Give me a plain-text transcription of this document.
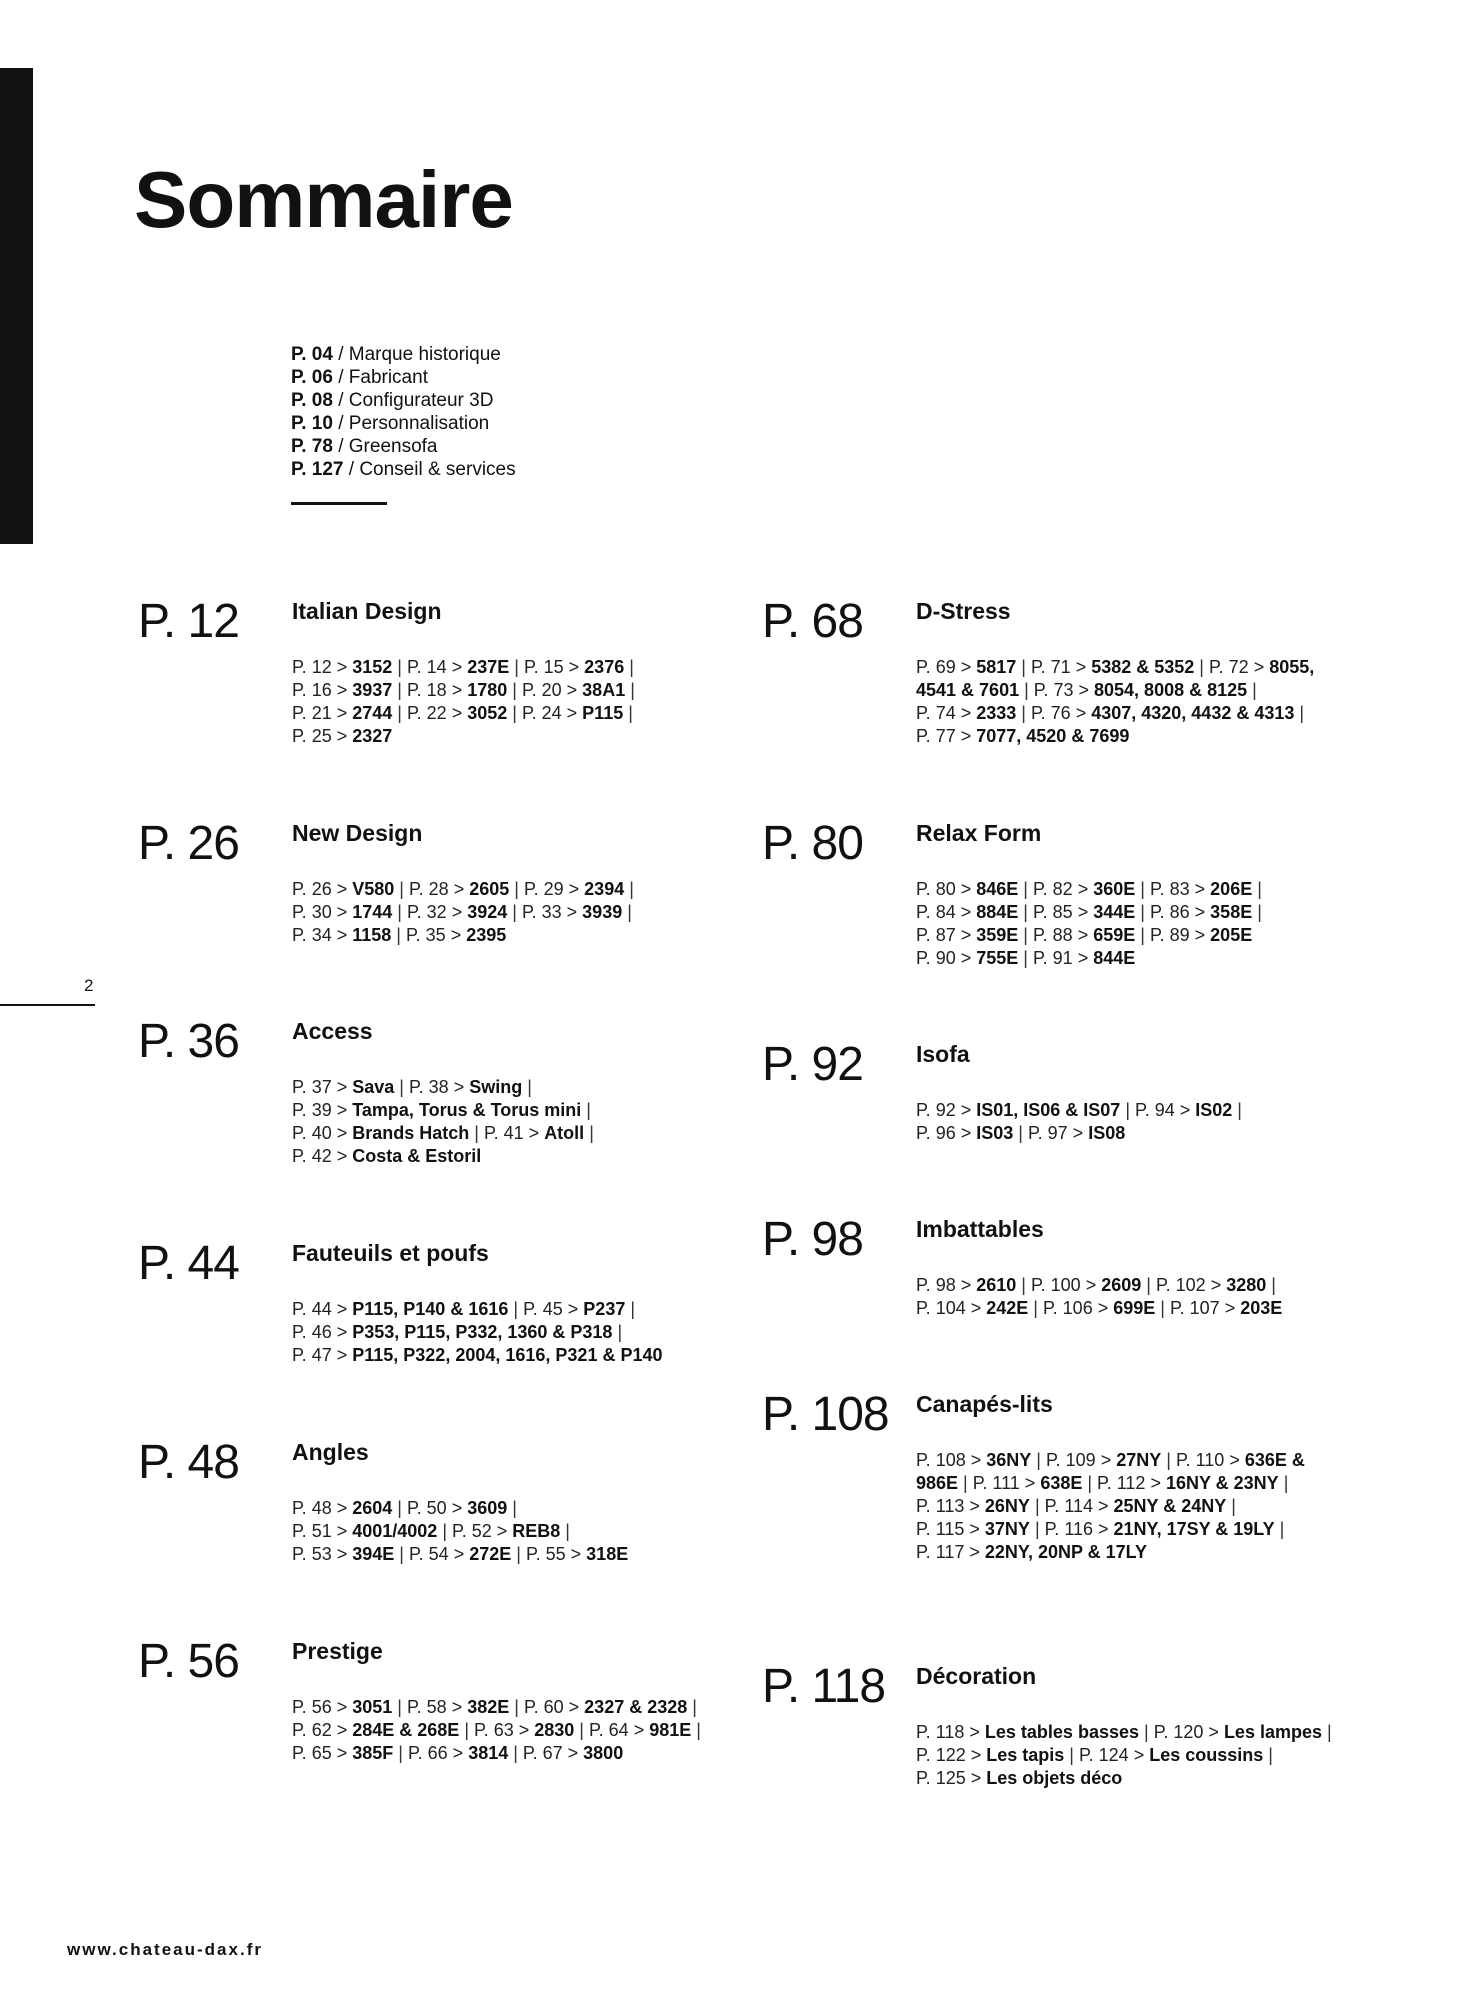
2
Sommaire
P. 04 / Marque historique
P. 06 / Fabricant
P. 08 / Configurateur 3D
P. 10 / Personnalisation
P. 78 / Greensofa
P. 127 / Conseil & services
P. 12 Italian Design
P. 12 > 3152 | P. 14 > 237E | P. 15 > 2376 |
P. 16 > 3937 | P. 18 > 1780 | P. 20 > 38A1 |
P. 21 > 2744 | P. 22 > 3052 | P. 24 > P115 |
P. 25 > 2327
P. 26 New Design
P. 26 > V580 | P. 28 > 2605 | P. 29 > 2394 |
P. 30 > 1744 | P. 32 > 3924 | P. 33 > 3939 |
P. 34 > 1158 | P. 35 > 2395
P. 36 Access
P. 37 > Sava | P. 38 > Swing |
P. 39 > Tampa, Torus & Torus mini |
P. 40 > Brands Hatch | P. 41 > Atoll |
P. 42 > Costa & Estoril
P. 44 Fauteuils et poufs
P. 44 > P115, P140 & 1616 | P. 45 > P237 |
P. 46 > P353, P115, P332, 1360 & P318 |
P. 47 > P115, P322, 2004, 1616, P321 & P140
P. 48 Angles
P. 48 > 2604 | P. 50 > 3609 |
P. 51 > 4001/4002 | P. 52 > REB8 |
P. 53 > 394E | P. 54 > 272E | P. 55 > 318E
P. 56 Prestige
P. 56 > 3051 | P. 58 > 382E | P. 60 > 2327 & 2328 |
P. 62 > 284E & 268E | P. 63 > 2830 | P. 64 > 981E |
P. 65 > 385F | P. 66 > 3814 | P. 67 > 3800
P. 68 D-Stress
P. 69 > 5817 | P. 71 > 5382 & 5352 | P. 72 > 8055,
4541 & 7601 | P. 73 > 8054, 8008 & 8125 |
P. 74 > 2333 | P. 76 > 4307, 4320, 4432 & 4313 |
P. 77 > 7077, 4520 & 7699
P. 80 Relax Form
P. 80 > 846E | P. 82 > 360E | P. 83 > 206E |
P. 84 > 884E | P. 85 > 344E | P. 86 > 358E |
P. 87 > 359E | P. 88 > 659E | P. 89 > 205E
P. 90 > 755E | P. 91 > 844E
P. 92 Isofa
P. 92 > IS01, IS06 & IS07 | P. 94 > IS02 |
P. 96 > IS03 | P. 97 > IS08
P. 98 Imbattables
P. 98 > 2610 | P. 100 > 2609 | P. 102 > 3280 |
P. 104 > 242E | P. 106 > 699E | P. 107 > 203E
P. 108 Canapés-lits
P. 108 > 36NY | P. 109 > 27NY | P. 110 > 636E &
986E | P. 111 > 638E | P. 112 > 16NY & 23NY |
P. 113 > 26NY | P. 114 > 25NY & 24NY |
P. 115 > 37NY | P. 116 > 21NY, 17SY & 19LY |
P. 117 > 22NY, 20NP & 17LY
P. 118 Décoration
P. 118 > Les tables basses | P. 120 > Les lampes |
P. 122 > Les tapis | P. 124 > Les coussins |
P. 125 > Les objets déco
www.chateau-dax.fr
